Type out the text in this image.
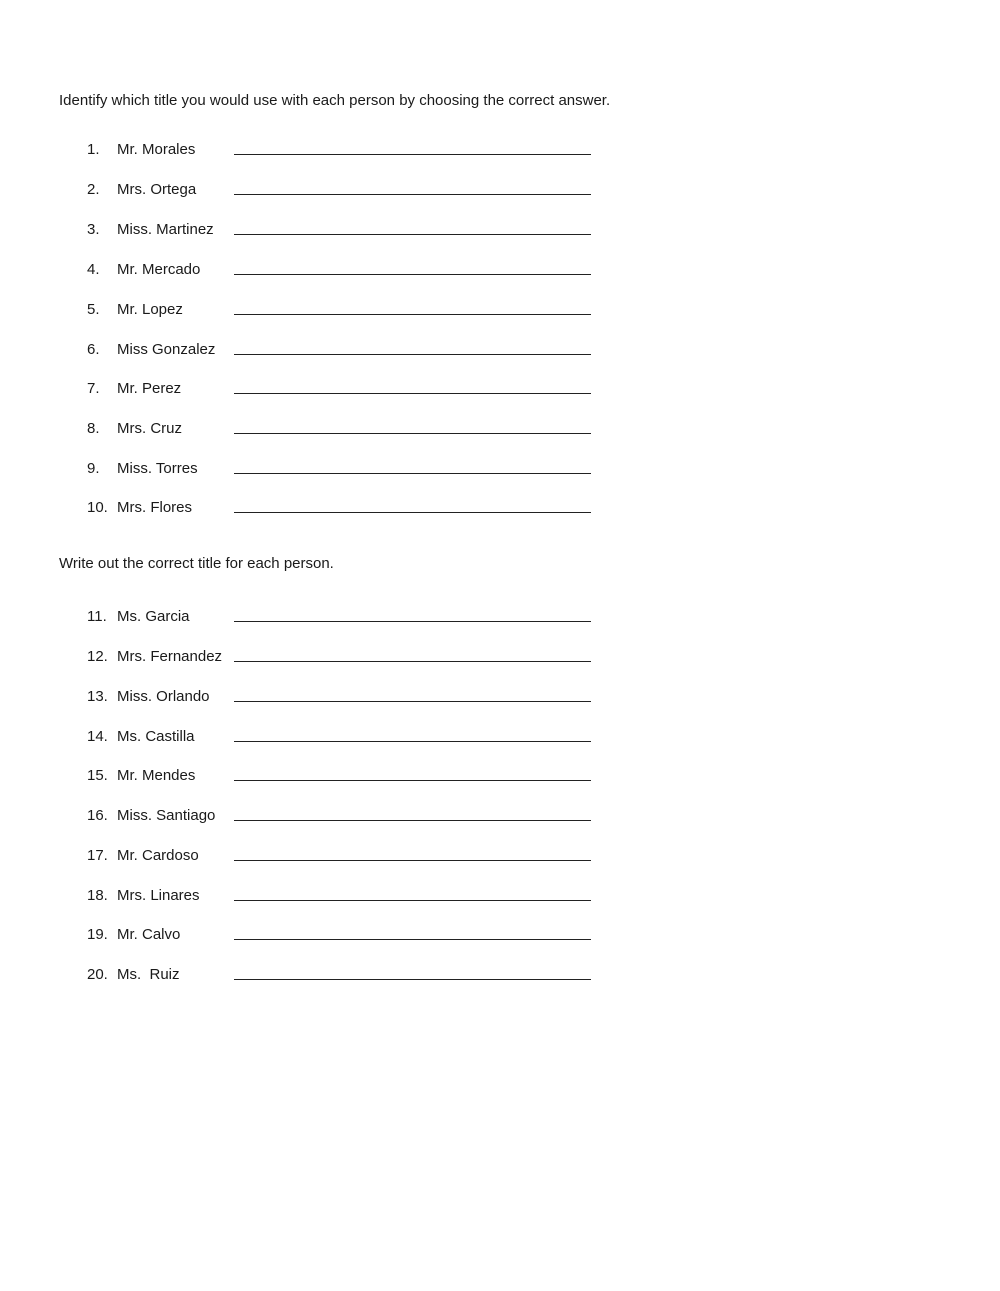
Identify which title you would use with each person by choosing the correct answer.
1. Mr. Morales
2. Mrs. Ortega
3. Miss. Martinez
4. Mr. Mercado
5. Mr. Lopez
6. Miss Gonzalez
7. Mr. Perez
8. Mrs. Cruz
9. Miss. Torres
10. Mrs. Flores
Write out the correct title for each person.
11. Ms. Garcia
12. Mrs. Fernandez
13. Miss. Orlando
14. Ms. Castilla
15. Mr. Mendes
16. Miss. Santiago
17. Mr. Cardoso
18. Mrs. Linares
19. Mr. Calvo
20. Ms.  Ruiz
